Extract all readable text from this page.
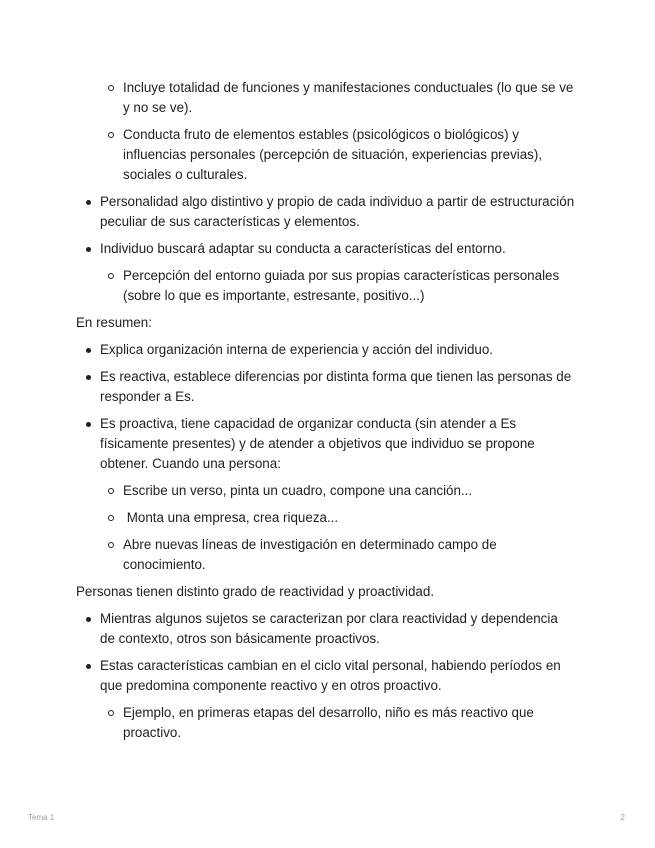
Incluye totalidad de funciones y manifestaciones conductuales (lo que se ve y no se ve).
Conducta fruto de elementos estables (psicológicos o biológicos) y influencias personales (percepción de situación, experiencias previas), sociales o culturales.
Personalidad algo distintivo y propio de cada individuo a partir de estructuración peculiar de sus características y elementos.
Individuo buscará adaptar su conducta a características del entorno.
Percepción del entorno guiada por sus propias características personales (sobre lo que es importante, estresante, positivo...)

En resumen:

Explica organización interna de experiencia y acción del individuo.
Es reactiva, establece diferencias por distinta forma que tienen las personas de responder a Es.
Es proactiva, tiene capacidad de organizar conducta (sin atender a Es físicamente presentes) y de atender a objetivos que individuo se propone obtener. Cuando una persona:
Escribe un verso, pinta un cuadro, compone una canción...
Monta una empresa, crea riqueza...
Abre nuevas líneas de investigación en determinado campo de conocimiento.

Personas tienen distinto grado de reactividad y proactividad.

Mientras algunos sujetos se caracterizan por clara reactividad y dependencia de contexto, otros son básicamente proactivos.
Estas características cambian en el ciclo vital personal, habiendo períodos en que predomina componente reactivo y en otros proactivo.
Ejemplo, en primeras etapas del desarrollo, niño es más reactivo que proactivo.
Tema 1	2
